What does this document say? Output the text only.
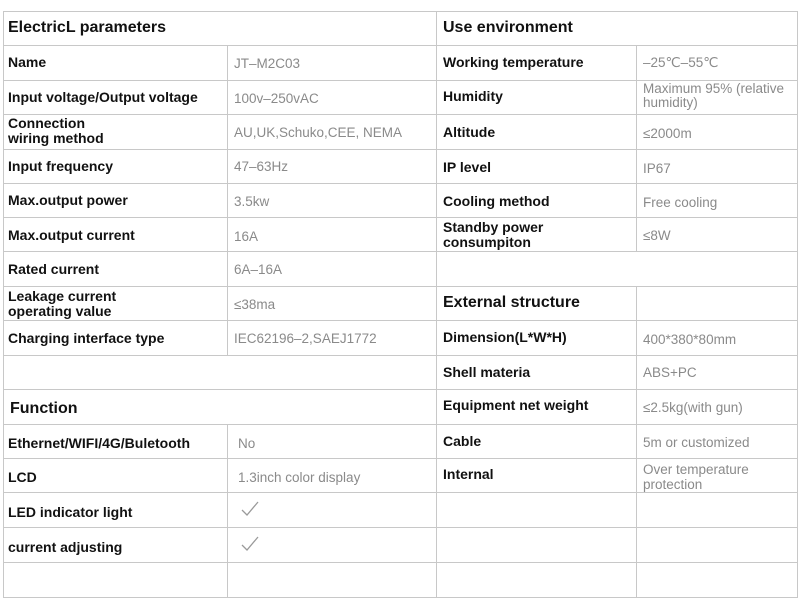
ElectricL parameters
Function
Use environment
External structure
Name	JT–M2C03
Input voltage/Output voltage	100v–250vAC
Connection wiring method	AU,UK,Schuko,CEE, NEMA
Input frequency	47–63Hz
Max.output power	3.5kw
Max.output current	16A
Rated current	6A–16A
Leakage current operating value	≤38ma
Charging interface type	IEC62196–2,SAEJ1772
Ethernet/WIFI/4G/Buletooth	No
LCD	1.3inch color display
LED indicator light
current adjusting
Working temperature	–25℃–55℃
Humidity	Maximum 95% (relative humidity)
Altitude	≤2000m
IP level	IP67
Cooling method	Free cooling
Standby power consumpiton	≤8W
Dimension(L*W*H)	400*380*80mm
Shell materia	ABS+PC
Equipment net weight	≤2.5kg(with gun)
Cable	5m or customized
Internal	Over temperature protection
